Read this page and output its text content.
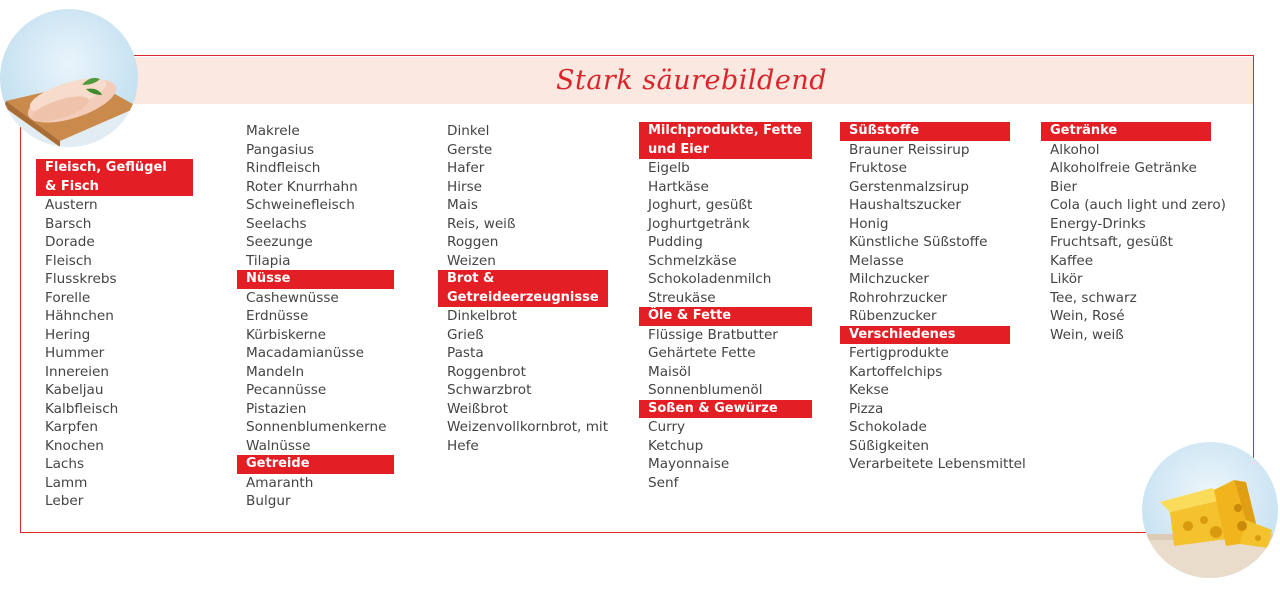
Stark säurebildend
Fleisch, Geflügel
& Fisch
Austern
Barsch
Dorade
Fleisch
Flusskrebs
Forelle
Hähnchen
Hering
Hummer
Innereien
Kabeljau
Kalbfleisch
Karpfen
Knochen
Lachs
Lamm
Leber
Makrele
Pangasius
Rindfleisch
Roter Knurrhahn
Schweinefleisch
Seelachs
Seezunge
Tilapia
Nüsse
Cashewnüsse
Erdnüsse
Kürbiskerne
Macadamianüsse
Mandeln
Pecannüsse
Pistazien
Sonnenblumenkerne
Walnüsse
Getreide
Amaranth
Bulgur
Dinkel
Gerste
Hafer
Hirse
Mais
Reis, weiß
Roggen
Weizen
Brot &
Getreideerzeugnisse
Dinkelbrot
Grieß
Pasta
Roggenbrot
Schwarzbrot
Weißbrot
Weizenvollkornbrot, mit
Hefe
Milchprodukte, Fette
und Eier
Eigelb
Hartkäse
Joghurt, gesüßt
Joghurtgetränk
Pudding
Schmelzkäse
Schokoladenmilch
Streukäse
Öle & Fette
Flüssige Bratbutter
Gehärtete Fette
Maisöl
Sonnenblumenöl
Soßen & Gewürze
Curry
Ketchup
Mayonnaise
Senf
Süßstoffe
Brauner Reissirup
Fruktose
Gerstenmalzsirup
Haushaltszucker
Honig
Künstliche Süßstoffe
Melasse
Milchzucker
Rohrohrzucker
Rübenzucker
Verschiedenes
Fertigprodukte
Kartoffelchips
Kekse
Pizza
Schokolade
Süßigkeiten
Verarbeitete Lebensmittel
Getränke
Alkohol
Alkoholfreie Getränke
Bier
Cola (auch light und zero)
Energy-Drinks
Fruchtsaft, gesüßt
Kaffee
Likör
Tee, schwarz
Wein, Rosé
Wein, weiß
